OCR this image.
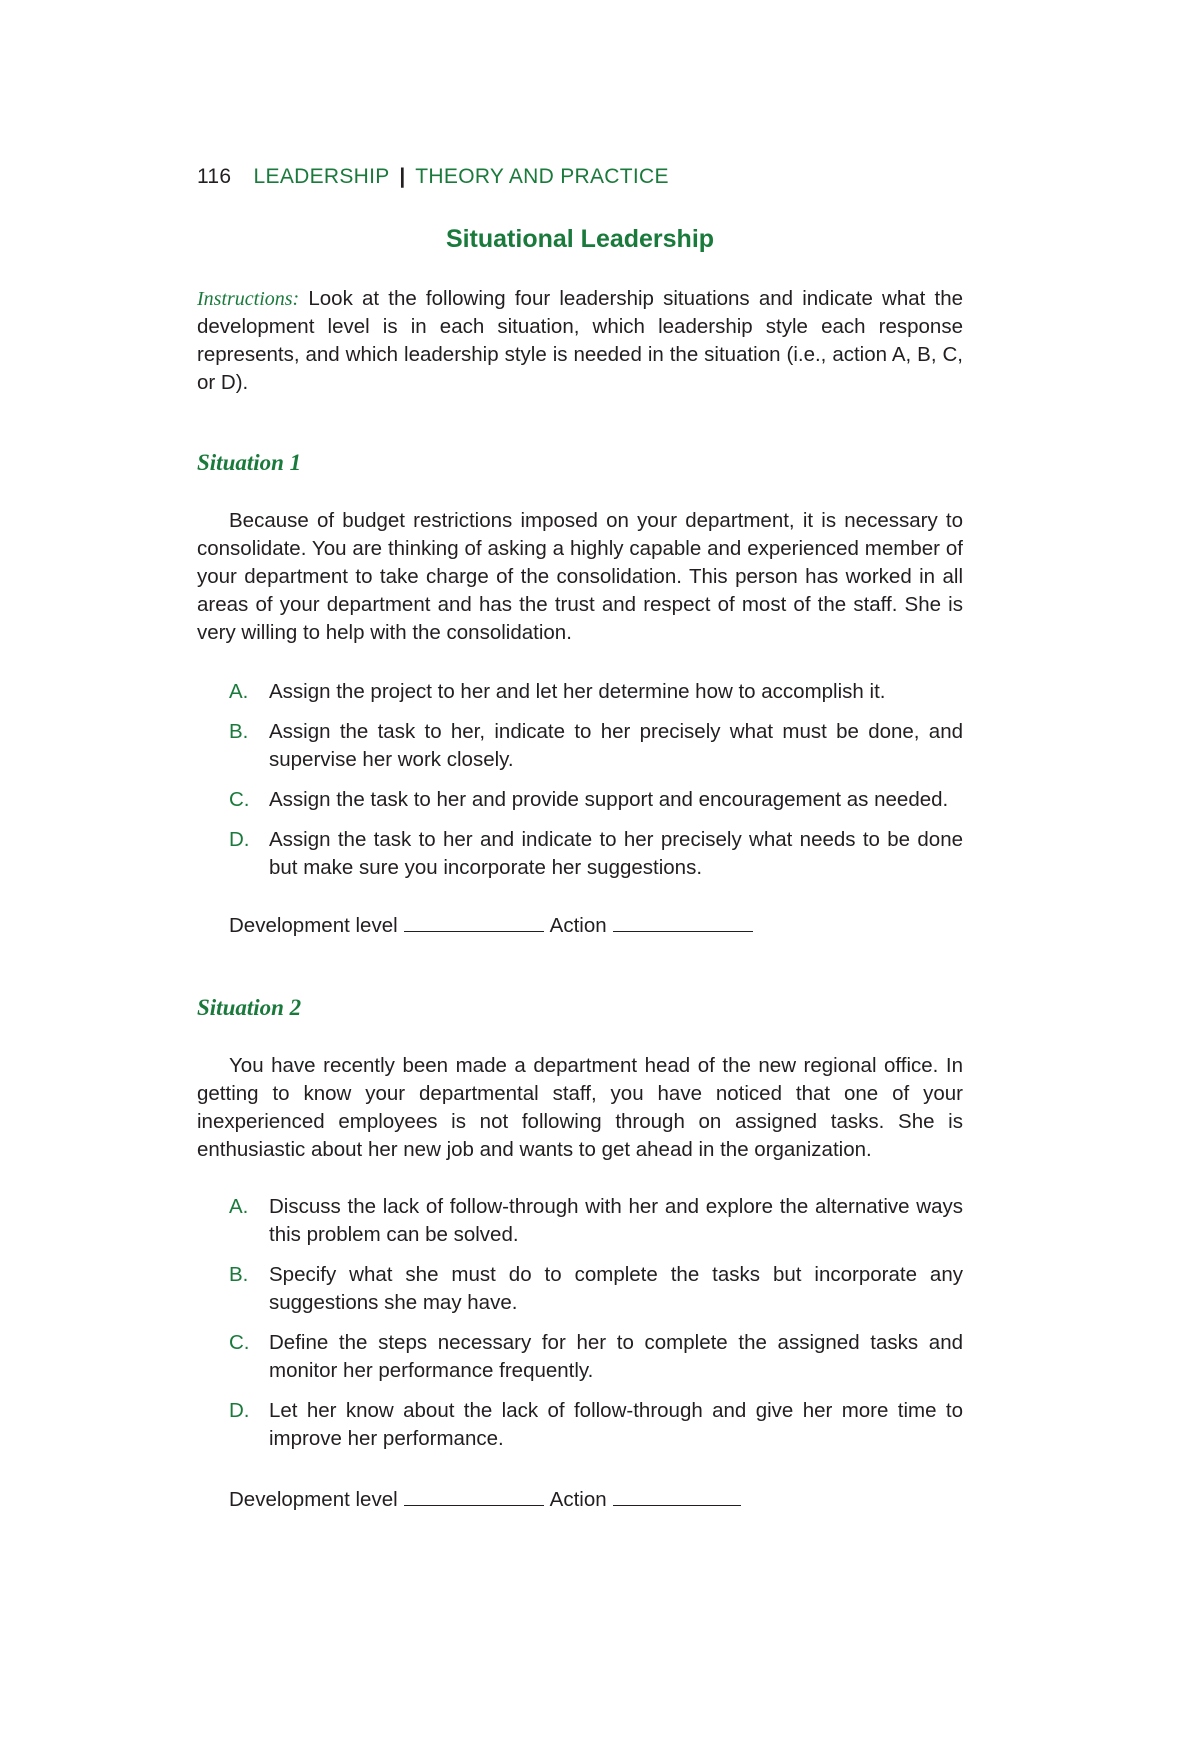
116 LEADERSHIP | THEORY AND PRACTICE
Situational Leadership
Instructions: Look at the following four leadership situations and indicate what the development level is in each situation, which leadership style each response represents, and which leadership style is needed in the situation (i.e., action A, B, C, or D).
Situation 1
Because of budget restrictions imposed on your department, it is necessary to consolidate. You are thinking of asking a highly capable and experienced member of your department to take charge of the consolidation. This person has worked in all areas of your department and has the trust and respect of most of the staff. She is very willing to help with the consolidation.
A. Assign the project to her and let her determine how to accomplish it.
B. Assign the task to her, indicate to her precisely what must be done, and supervise her work closely.
C. Assign the task to her and provide support and encouragement as needed.
D. Assign the task to her and indicate to her precisely what needs to be done but make sure you incorporate her suggestions.
Development level	Action
Situation 2
You have recently been made a department head of the new regional office. In getting to know your departmental staff, you have noticed that one of your inexperienced employees is not following through on assigned tasks. She is enthusiastic about her new job and wants to get ahead in the organization.
A. Discuss the lack of follow-through with her and explore the alternative ways this problem can be solved.
B. Specify what she must do to complete the tasks but incorporate any suggestions she may have.
C. Define the steps necessary for her to complete the assigned tasks and monitor her performance frequently.
D. Let her know about the lack of follow-through and give her more time to improve her performance.
Development level	Action
